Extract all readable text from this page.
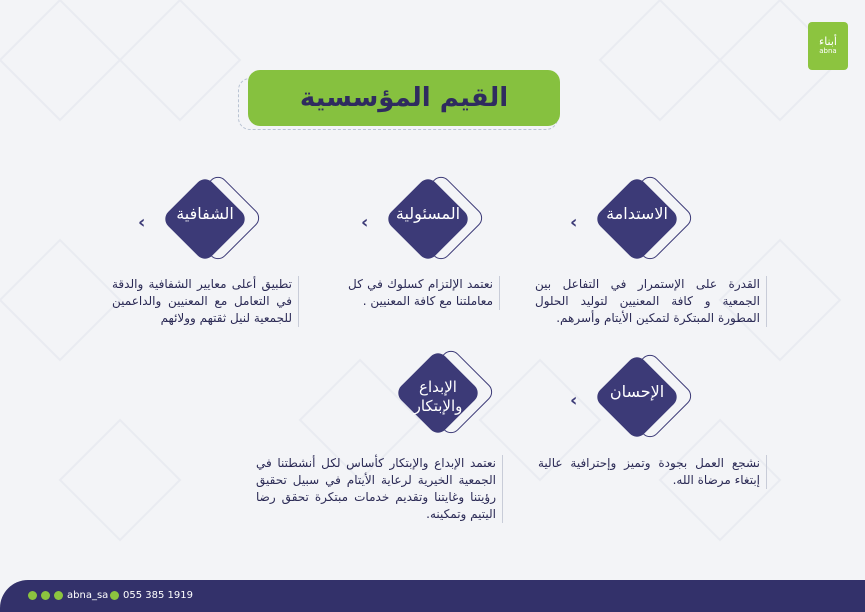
أبناء
abna
القيم المؤسسية
الاستدامة
‹
القدرة على الإستمرار في التفاعل بين الجمعية و كافة المعنيين لتوليد الحلول المطورة المبتكرة لتمكين الأيتام وأسرهم.
المسئولية
‹
نعتمد الإلتزام كسلوك في كل معاملتنا مع كافة المعنيين .
الشفافية
‹
تطبيق أعلى معايير الشفافية والدقة في التعامل مع المعنيين والداعمين للجمعية لنيل ثقتهم وولائهم
الإحسان
‹
نشجع العمل بجودة وتميز وإحترافية عالية إبتغاء مرضاة الله.
الإبداع
والإبتكار
نعتمد الإبداع والإبتكار كأساس لكل أنشطتنا في الجمعية الخيرية لرعاية الأيتام في سبيل تحقيق رؤيتنا وغايتنا وتقديم خدمات مبتكرة تحقق رضا اليتيم وتمكينه.
abna_sa 055 385 1919
